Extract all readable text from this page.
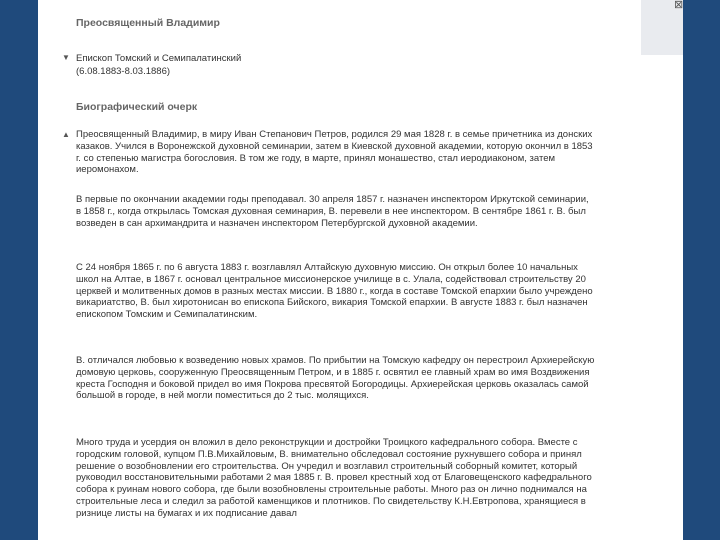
⊠
Преосвященный Владимир
▼ Епископ Томский и Семипалатинский

(6.08.1883-8.03.1886)

Биографический очерк
▲ Преосвященный Владимир, в миру Иван Степанович Петров, родился 29 мая 1828 г. в семье причетника из донских казаков. Учился в Воронежской духовной семинарии, затем в Киевской духовной академии, которую окончил в 1853 г. со степенью магистра богословия. В том же году, в марте, принял монашество, стал иеродиаконом, затем иеромонахом.

В первые по окончании академии годы преподавал. 30 апреля 1857 г. назначен инспектором Иркутской семинарии, в 1858 г., когда открылась Томская духовная семинария, В. перевели в нее инспектором. В сентябре 1861 г. В. был возведен в сан архимандрита и назначен инспектором Петербургской духовной академии.

С 24 ноября 1865 г. по 6 августа 1883 г. возглавлял Алтайскую духовную миссию. Он открыл более 10 начальных школ на Алтае, в 1867 г. основал центральное миссионерское училище в с. Улала, содействовал строительству 20 церквей и молитвенных домов в разных местах миссии. В 1880 г., когда в составе Томской епархии было учреждено викариатство, В. был хиротонисан во епископа Бийского, викария Томской епархии. В августе 1883 г. был назначен епископом Томским и Семипалатинским.

В. отличался любовью к возведению новых храмов. По прибытии на Томскую кафедру он перестроил Архиерейскую домовую церковь, сооруженную Преосвященным Петром, и в 1885 г. освятил ее главный храм во имя Воздвижения креста Господня и боковой придел во имя Покрова пресвятой Богородицы. Архиерейская церковь оказалась самой большой в городе, в ней могли поместиться до 2 тыс. молящихся.

Много труда и усердия он вложил в дело реконструкции и достройки Троицкого кафедрального собора. Вместе с городским головой, купцом П.В.Михайловым, В. внимательно обследовал состояние рухнувшего собора и принял решение о возобновлении его строительства. Он учредил и возглавил строительный соборный комитет, который руководил восстановительными работами 2 мая 1885 г. В. провел крестный ход от Благовещенского кафедрального собора к руинам нового собора, где были возобновлены строительные работы. Много раз он лично поднимался на строительные леса и следил за работой каменщиков и плотников. По свидетельству К.Н.Евтропова, хранящиеся в ризнице листы на бумагах и их подписание давал
